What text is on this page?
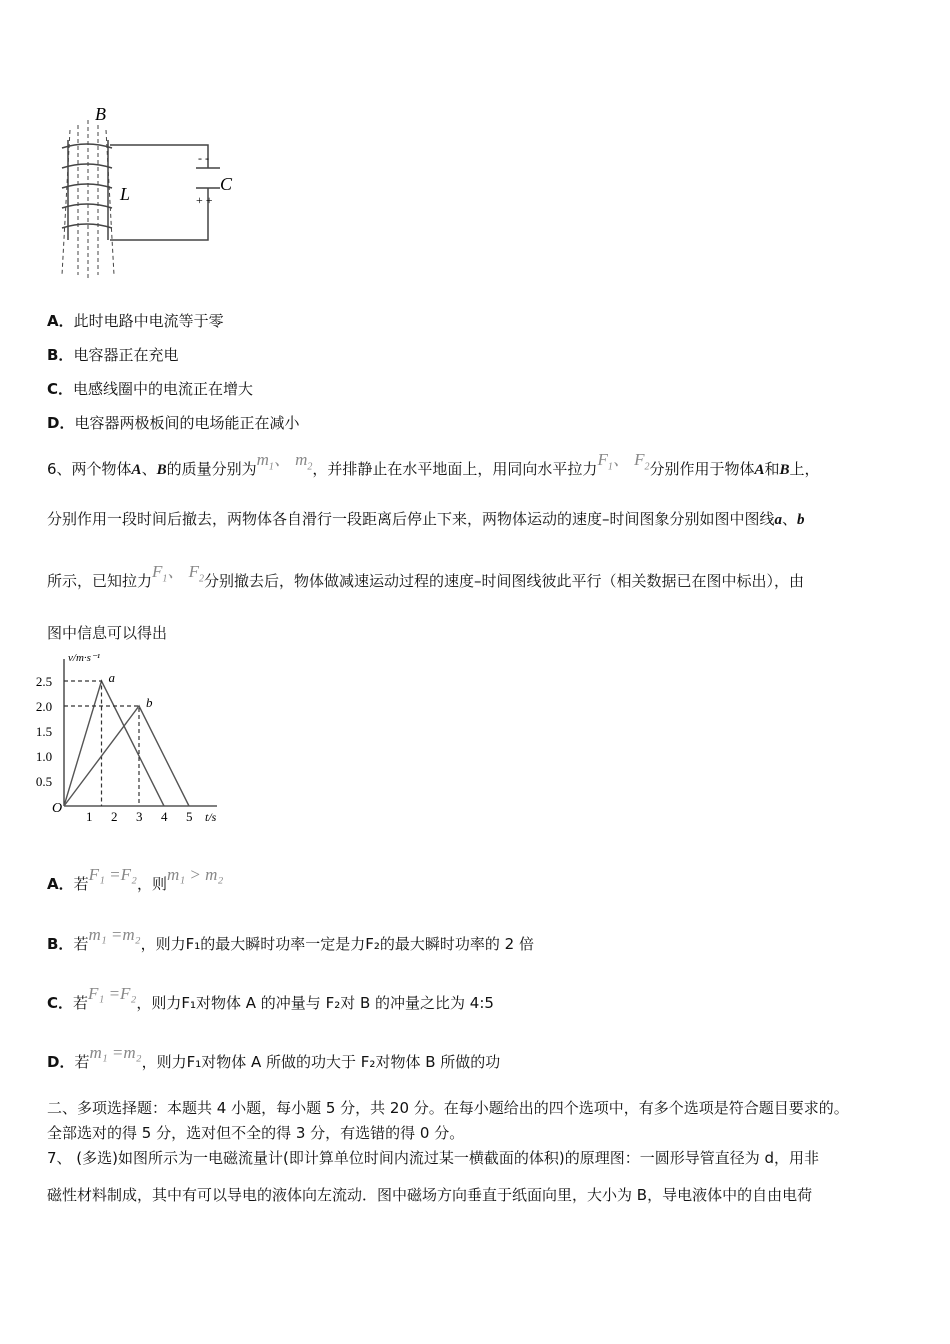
B
L	C
- -
+ +
A．此时电路中电流等于零
B．电容器正在充电
C．电感线圈中的电流正在增大
D．电容器两极板间的电场能正在减小
6、两个物体A、B的质量分别为$m_1$、 $m_2$，并排静止在水平地面上，用同向水平拉力$F_1$、 $F_2$分别作用于物体A和B上，
分别作用一段时间后撤去，两物体各自滑行一段距离后停止下来，两物体运动的速度–时间图象分别如图中图线a、b
所示，已知拉力$F_1$、 $F_2$分别撤去后，物体做减速运动过程的速度–时间图线彼此平行（相关数据已在图中标出），由
图中信息可以得出
v/m·s⁻¹
t/s
O
1 2 3 4 5
0.5
1.0
1.5
2.0
2.5	a
b
A．若F₁ =F₂，则m₁ > m₂
B．若m₁ =m₂，则力F₁的最大瞬时功率一定是力F₂的最大瞬时功率的 2 倍
C．若F₁ =F₂，则力F₁对物体 A 的冲量与 F₂对 B 的冲量之比为 4:5
D．若m₁ =m₂，则力F₁对物体 A 所做的功大于 F₂对物体 B 所做的功
二、多项选择题：本题共 4 小题，每小题 5 分，共 20 分。在每小题给出的四个选项中，有多个选项是符合题目要求的。
全部选对的得 5 分，选对但不全的得 3 分，有选错的得 0 分。
7、 (多选)如图所示为一电磁流量计(即计算单位时间内流过某一横截面的体积)的原理图：一圆形导管直径为 d，用非
磁性材料制成，其中有可以导电的液体向左流动．图中磁场方向垂直于纸面向里，大小为 B，导电液体中的自由电荷
